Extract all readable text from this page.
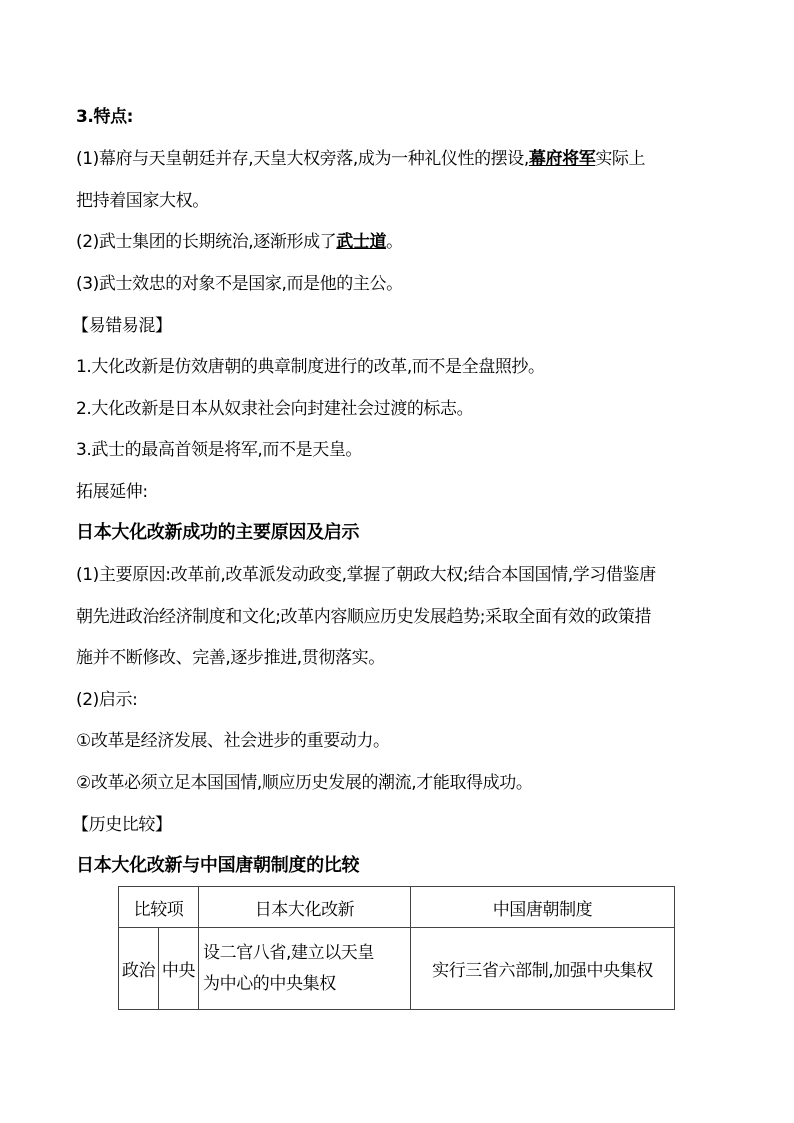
3.特点:
(1)幕府与天皇朝廷并存,天皇大权旁落,成为一种礼仪性的摆设,幕府将军实际上
把持着国家大权。
(2)武士集团的长期统治,逐渐形成了武士道。
(3)武士效忠的对象不是国家,而是他的主公。
【易错易混】
1.大化改新是仿效唐朝的典章制度进行的改革,而不是全盘照抄。
2.大化改新是日本从奴隶社会向封建社会过渡的标志。
3.武士的最高首领是将军,而不是天皇。
拓展延伸:
日本大化改新成功的主要原因及启示
(1)主要原因:改革前,改革派发动政变,掌握了朝政大权;结合本国国情,学习借鉴唐
朝先进政治经济制度和文化;改革内容顺应历史发展趋势;采取全面有效的政策措
施并不断修改、完善,逐步推进,贯彻落实。
(2)启示:
①改革是经济发展、社会进步的重要动力。
②改革必须立足本国国情,顺应历史发展的潮流,才能取得成功。
【历史比较】
日本大化改新与中国唐朝制度的比较
比较项		日本大化改新	中国唐朝制度
政治	中央	设二官八省,建立以天皇
为中心的中央集权	实行三省六部制,加强中央集权
